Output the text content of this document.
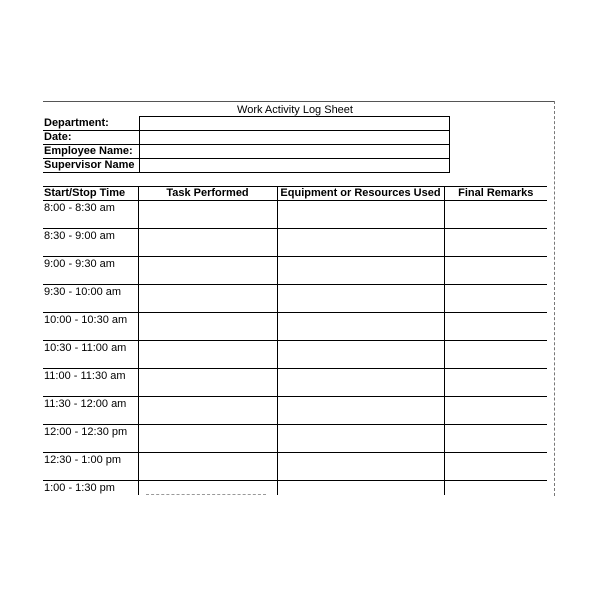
Work Activity Log Sheet
Department:	
Date:	
Employee Name:	
Supervisor Name	
Start/Stop Time	Task Performed	Equipment or Resources Used	Final Remarks
8:00 - 8:30 am			
8:30 - 9:00 am			
9:00 - 9:30 am			
9:30 - 10:00 am			
10:00 - 10:30 am			
10:30 - 11:00 am			
11:00 - 11:30 am			
11:30 - 12:00 am			
12:00 - 12:30 pm			
12:30 - 1:00 pm			
1:00 - 1:30 pm			
